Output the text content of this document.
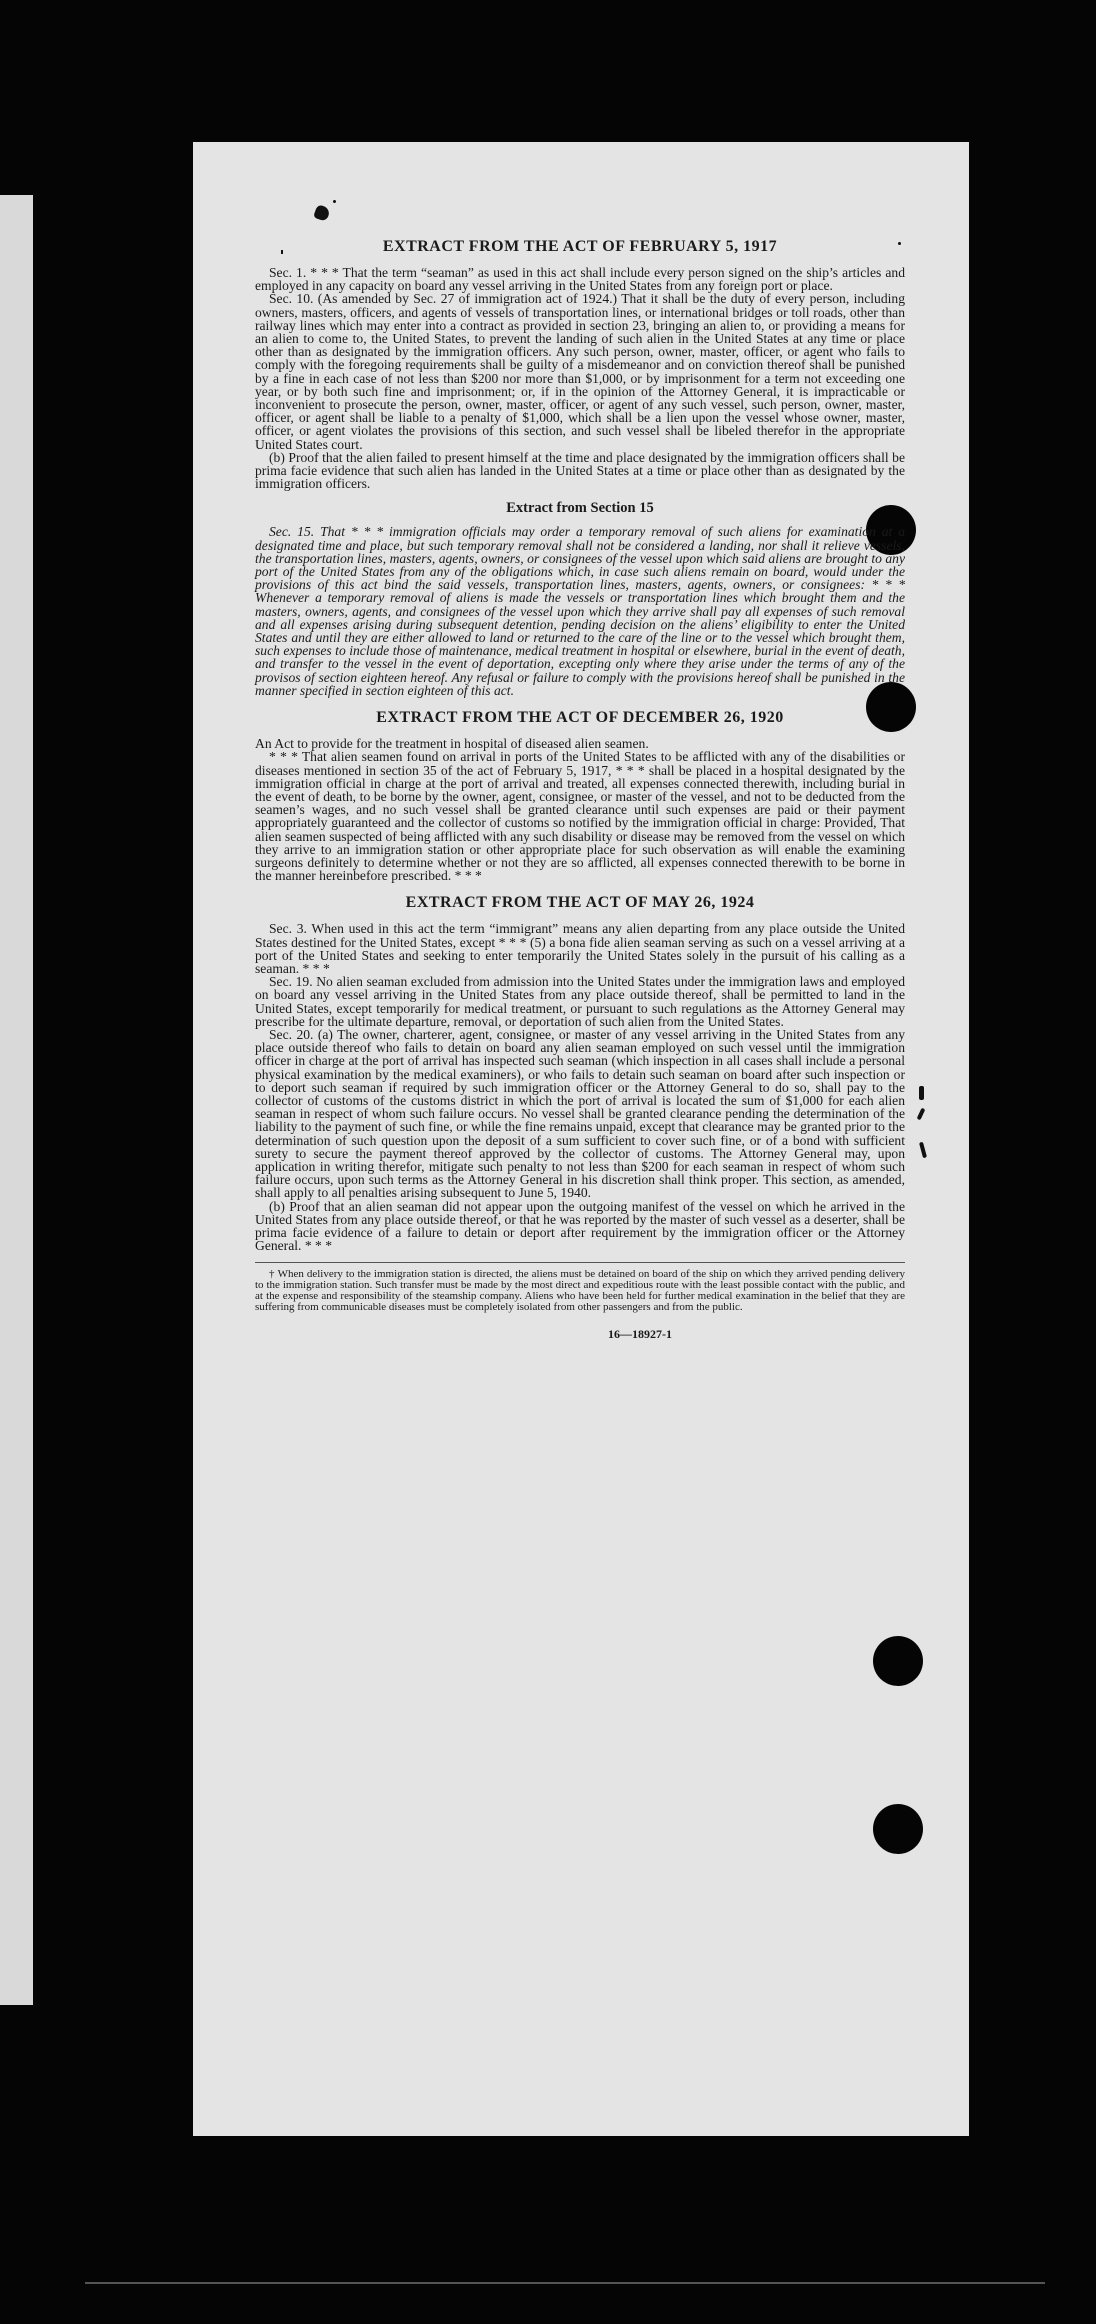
EXTRACT FROM THE ACT OF FEBRUARY 5, 1917

Sec. 1. * * * That the term “seaman” as used in this act shall include every person signed on the ship’s articles and employed in any capacity on board any vessel arriving in the United States from any foreign port or place.

Sec. 10. (As amended by Sec. 27 of immigration act of 1924.) That it shall be the duty of every person, including owners, masters, officers, and agents of vessels of transportation lines, or international bridges or toll roads, other than railway lines which may enter into a contract as provided in section 23, bringing an alien to, or providing a means for an alien to come to, the United States, to prevent the landing of such alien in the United States at any time or place other than as designated by the immigration officers. Any such person, owner, master, officer, or agent who fails to comply with the foregoing requirements shall be guilty of a misdemeanor and on conviction thereof shall be punished by a fine in each case of not less than $200 nor more than $1,000, or by imprisonment for a term not exceeding one year, or by both such fine and imprisonment; or, if in the opinion of the Attorney General, it is impracticable or inconvenient to prosecute the person, owner, master, officer, or agent of any such vessel, such person, owner, master, officer, or agent shall be liable to a penalty of $1,000, which shall be a lien upon the vessel whose owner, master, officer, or agent violates the provisions of this section, and such vessel shall be libeled therefor in the appropriate United States court.

(b) Proof that the alien failed to present himself at the time and place designated by the immigration officers shall be prima facie evidence that such alien has landed in the United States at a time or place other than as designated by the immigration officers.

Extract from Section 15

Sec. 15. That * * * immigration officials may order a temporary removal of such aliens for examination at a designated time and place, but such temporary removal shall not be considered a landing, nor shall it relieve vessels, the transportation lines, masters, agents, owners, or consignees of the vessel upon which said aliens are brought to any port of the United States from any of the obligations which, in case such aliens remain on board, would under the provisions of this act bind the said vessels, transportation lines, masters, agents, owners, or consignees: * * * Whenever a temporary removal of aliens is made the vessels or transportation lines which brought them and the masters, owners, agents, and consignees of the vessel upon which they arrive shall pay all expenses of such removal and all expenses arising during subsequent detention, pending decision on the aliens’ eligibility to enter the United States and until they are either allowed to land or returned to the care of the line or to the vessel which brought them, such expenses to include those of maintenance, medical treatment in hospital or elsewhere, burial in the event of death, and transfer to the vessel in the event of deportation, excepting only where they arise under the terms of any of the provisos of section eighteen hereof. Any refusal or failure to comply with the provisions hereof shall be punished in the manner specified in section eighteen of this act.

EXTRACT FROM THE ACT OF DECEMBER 26, 1920

An Act to provide for the treatment in hospital of diseased alien seamen.

* * * That alien seamen found on arrival in ports of the United States to be afflicted with any of the disabilities or diseases mentioned in section 35 of the act of February 5, 1917, * * * shall be placed in a hospital designated by the immigration official in charge at the port of arrival and treated, all expenses connected therewith, including burial in the event of death, to be borne by the owner, agent, consignee, or master of the vessel, and not to be deducted from the seamen’s wages, and no such vessel shall be granted clearance until such expenses are paid or their payment appropriately guaranteed and the collector of customs so notified by the immigration official in charge: Provided, That alien seamen suspected of being afflicted with any such disability or disease may be removed from the vessel on which they arrive to an immigration station or other appropriate place for such observation as will enable the examining surgeons definitely to determine whether or not they are so afflicted, all expenses connected therewith to be borne in the manner hereinbefore prescribed. * * *

EXTRACT FROM THE ACT OF MAY 26, 1924

Sec. 3. When used in this act the term “immigrant” means any alien departing from any place outside the United States destined for the United States, except * * * (5) a bona fide alien seaman serving as such on a vessel arriving at a port of the United States and seeking to enter temporarily the United States solely in the pursuit of his calling as a seaman. * * *

Sec. 19. No alien seaman excluded from admission into the United States under the immigration laws and employed on board any vessel arriving in the United States from any place outside thereof, shall be permitted to land in the United States, except temporarily for medical treatment, or pursuant to such regulations as the Attorney General may prescribe for the ultimate departure, removal, or deportation of such alien from the United States.

Sec. 20. (a) The owner, charterer, agent, consignee, or master of any vessel arriving in the United States from any place outside thereof who fails to detain on board any alien seaman employed on such vessel until the immigration officer in charge at the port of arrival has inspected such seaman (which inspection in all cases shall include a personal physical examination by the medical examiners), or who fails to detain such seaman on board after such inspection or to deport such seaman if required by such immigration officer or the Attorney General to do so, shall pay to the collector of customs of the customs district in which the port of arrival is located the sum of $1,000 for each alien seaman in respect of whom such failure occurs. No vessel shall be granted clearance pending the determination of the liability to the payment of such fine, or while the fine remains unpaid, except that clearance may be granted prior to the determination of such question upon the deposit of a sum sufficient to cover such fine, or of a bond with sufficient surety to secure the payment thereof approved by the collector of customs. The Attorney General may, upon application in writing therefor, mitigate such penalty to not less than $200 for each seaman in respect of whom such failure occurs, upon such terms as the Attorney General in his discretion shall think proper. This section, as amended, shall apply to all penalties arising subsequent to June 5, 1940.

(b) Proof that an alien seaman did not appear upon the outgoing manifest of the vessel on which he arrived in the United States from any place outside thereof, or that he was reported by the master of such vessel as a deserter, shall be prima facie evidence of a failure to detain or deport after requirement by the immigration officer or the Attorney General. * * *

† When delivery to the immigration station is directed, the aliens must be detained on board of the ship on which they arrived pending delivery to the immigration station. Such transfer must be made by the most direct and expeditious route with the least possible contact with the public, and at the expense and responsibility of the steamship company. Aliens who have been held for further medical examination in the belief that they are suffering from communicable diseases must be completely isolated from other passengers and from the public.
16—18927-1
